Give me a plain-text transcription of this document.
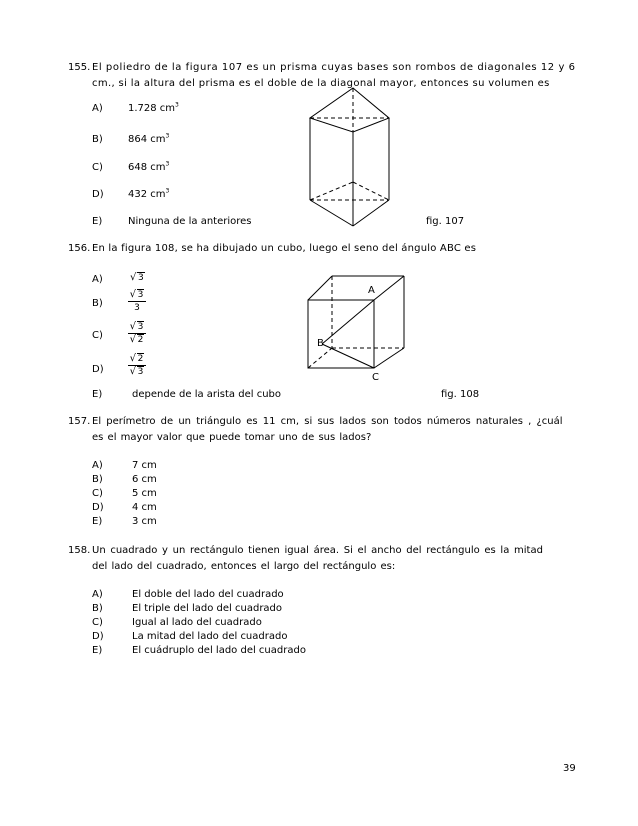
155. El poliedro de la figura 107 es un prisma cuyas bases son rombos de diagonales 12 y 6
cm., si la altura del prisma es el doble de la diagonal mayor, entonces su volumen es
A)	1.728 $cm^3$
B)	864 $cm^3$
C)	648 $cm^3$
D) 432 $cm^3$
E)	Ninguna de la anteriores	fig. 107
156. En la figura 108, se ha dibujado un cubo, luego el seno del ángulo ABC es
A)	√ 3
B)
√ 3
3
C)
√ 3
√ 2
D)
√ 2
√ 3
E)	depende de la arista del cubo	fig. 108
A
B
C
157. El perímetro de un triángulo es 11 cm, si sus lados son todos números naturales , ¿cuál
es el mayor valor que puede tomar uno de sus lados?
A)	7 cm
B)	6 cm
C)	5 cm
D)	4 cm
E)	3 cm
158. Un cuadrado y un rectángulo tienen igual área. Si el ancho del rectángulo es la mitad
del lado del cuadrado, entonces el largo del rectángulo es:
A)	El doble del lado del cuadrado
B)	El triple del lado del cuadrado
C)	Igual al lado del cuadrado
D)	La mitad del lado del cuadrado
E)	El cuádruplo del lado del cuadrado
39
